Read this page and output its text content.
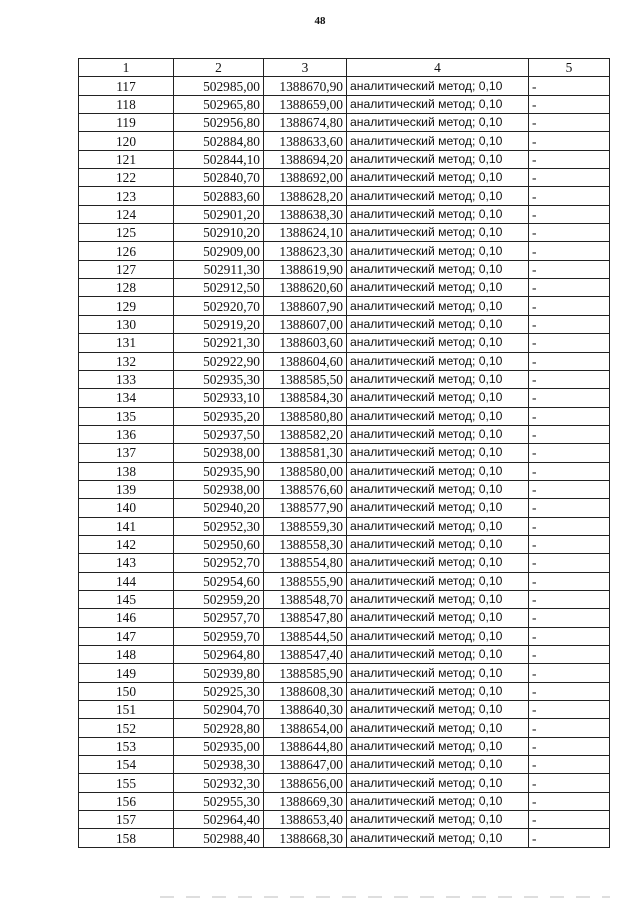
48
1	2	3	4	5
117	502985,00	1388670,90	аналитический метод; 0,10	-
118	502965,80	1388659,00	аналитический метод; 0,10	-
119	502956,80	1388674,80	аналитический метод; 0,10	-
120	502884,80	1388633,60	аналитический метод; 0,10	-
121	502844,10	1388694,20	аналитический метод; 0,10	-
122	502840,70	1388692,00	аналитический метод; 0,10	-
123	502883,60	1388628,20	аналитический метод; 0,10	-
124	502901,20	1388638,30	аналитический метод; 0,10	-
125	502910,20	1388624,10	аналитический метод; 0,10	-
126	502909,00	1388623,30	аналитический метод; 0,10	-
127	502911,30	1388619,90	аналитический метод; 0,10	-
128	502912,50	1388620,60	аналитический метод; 0,10	-
129	502920,70	1388607,90	аналитический метод; 0,10	-
130	502919,20	1388607,00	аналитический метод; 0,10	-
131	502921,30	1388603,60	аналитический метод; 0,10	-
132	502922,90	1388604,60	аналитический метод; 0,10	-
133	502935,30	1388585,50	аналитический метод; 0,10	-
134	502933,10	1388584,30	аналитический метод; 0,10	-
135	502935,20	1388580,80	аналитический метод; 0,10	-
136	502937,50	1388582,20	аналитический метод; 0,10	-
137	502938,00	1388581,30	аналитический метод; 0,10	-
138	502935,90	1388580,00	аналитический метод; 0,10	-
139	502938,00	1388576,60	аналитический метод; 0,10	-
140	502940,20	1388577,90	аналитический метод; 0,10	-
141	502952,30	1388559,30	аналитический метод; 0,10	-
142	502950,60	1388558,30	аналитический метод; 0,10	-
143	502952,70	1388554,80	аналитический метод; 0,10	-
144	502954,60	1388555,90	аналитический метод; 0,10	-
145	502959,20	1388548,70	аналитический метод; 0,10	-
146	502957,70	1388547,80	аналитический метод; 0,10	-
147	502959,70	1388544,50	аналитический метод; 0,10	-
148	502964,80	1388547,40	аналитический метод; 0,10	-
149	502939,80	1388585,90	аналитический метод; 0,10	-
150	502925,30	1388608,30	аналитический метод; 0,10	-
151	502904,70	1388640,30	аналитический метод; 0,10	-
152	502928,80	1388654,00	аналитический метод; 0,10	-
153	502935,00	1388644,80	аналитический метод; 0,10	-
154	502938,30	1388647,00	аналитический метод; 0,10	-
155	502932,30	1388656,00	аналитический метод; 0,10	-
156	502955,30	1388669,30	аналитический метод; 0,10	-
157	502964,40	1388653,40	аналитический метод; 0,10	-
158	502988,40	1388668,30	аналитический метод; 0,10	-
